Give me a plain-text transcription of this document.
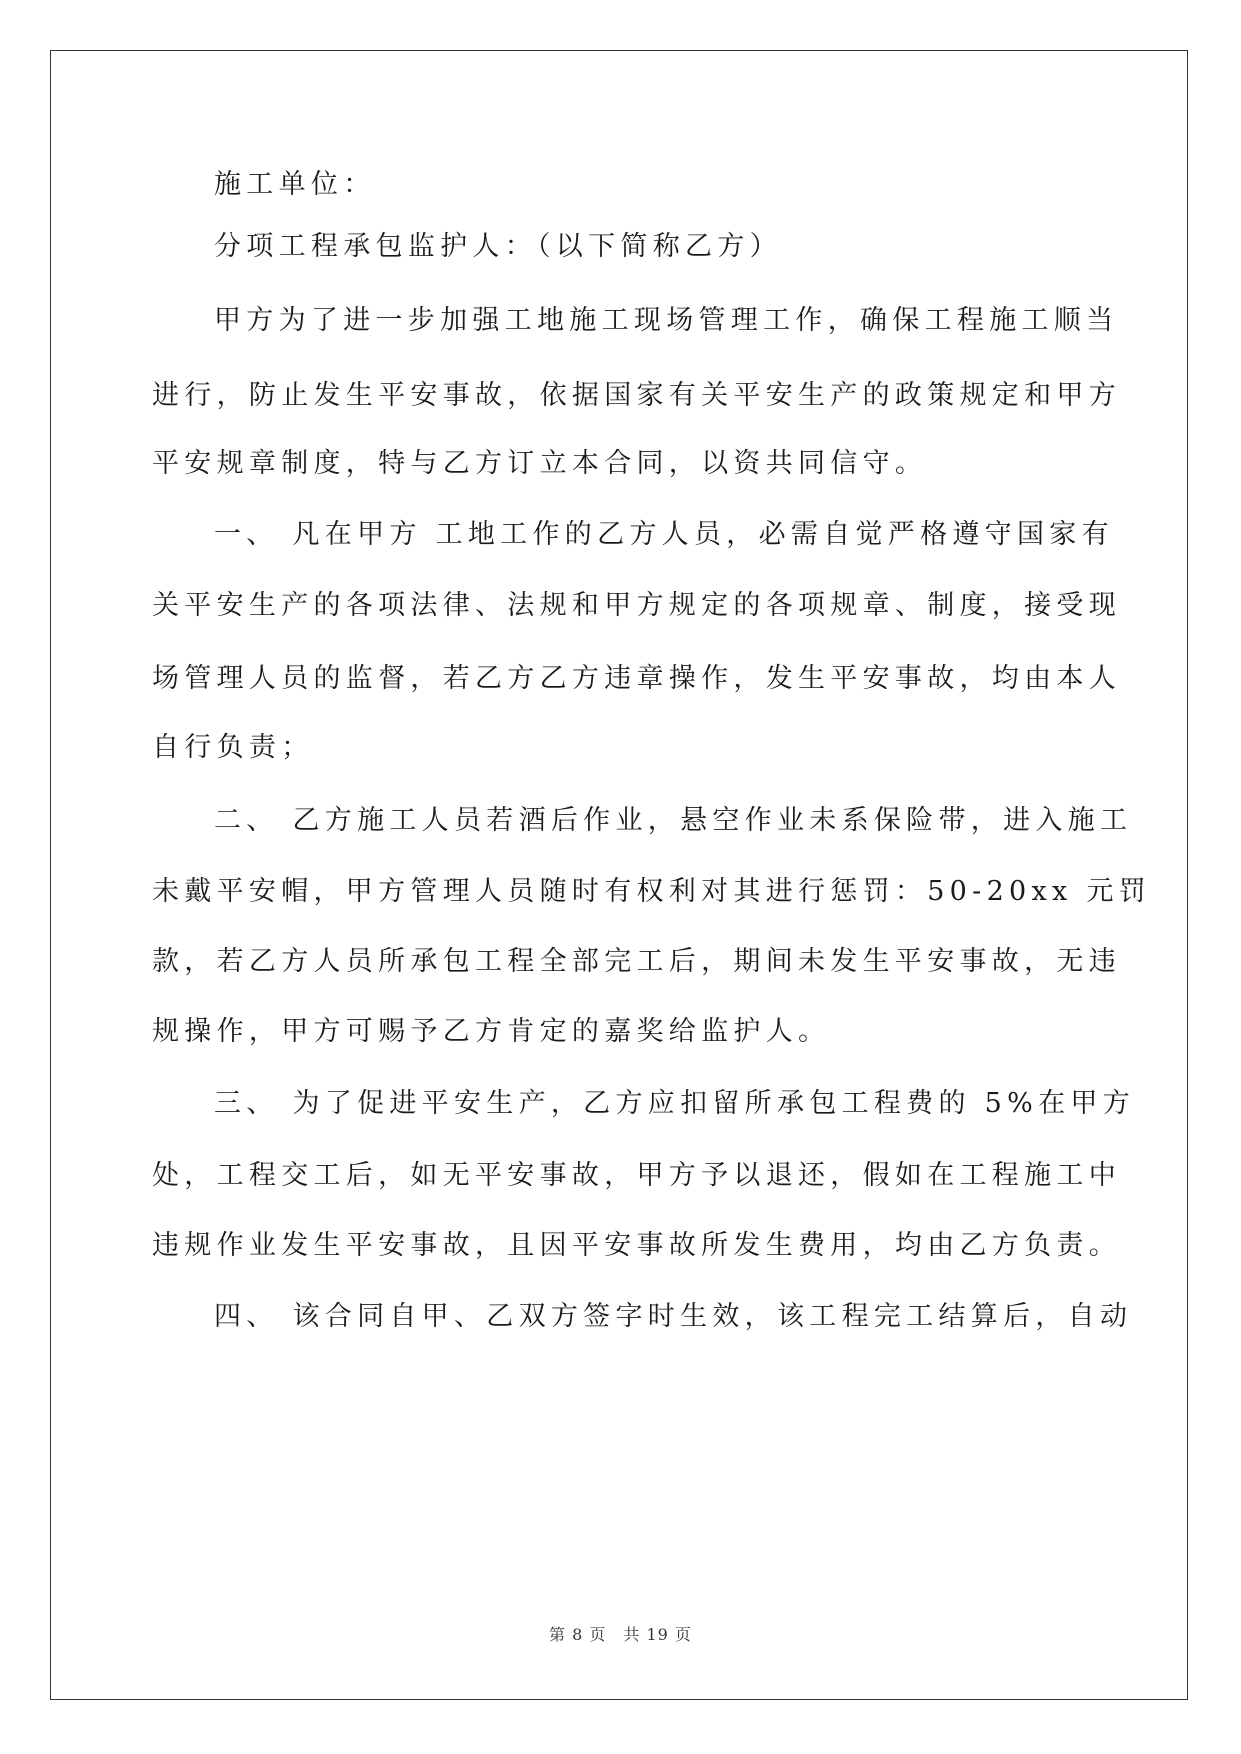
施工单位：
分项工程承包监护人：（以下简称乙方）
甲方为了进一步加强工地施工现场管理工作，确保工程施工顺当
进行，防止发生平安事故，依据国家有关平安生产的政策规定和甲方
平安规章制度，特与乙方订立本合同，以资共同信守。
一、 凡在甲方 工地工作的乙方人员，必需自觉严格遵守国家有
关平安生产的各项法律、法规和甲方规定的各项规章、制度，接受现
场管理人员的监督，若乙方乙方违章操作，发生平安事故，均由本人
自行负责；
二、 乙方施工人员若酒后作业，悬空作业未系保险带，进入施工
未戴平安帽，甲方管理人员随时有权利对其进行惩罚：50-20xx 元罚
款，若乙方人员所承包工程全部完工后，期间未发生平安事故，无违
规操作，甲方可赐予乙方肯定的嘉奖给监护人。
三、 为了促进平安生产，乙方应扣留所承包工程费的 5%在甲方
处，工程交工后，如无平安事故，甲方予以退还，假如在工程施工中
违规作业发生平安事故，且因平安事故所发生费用，均由乙方负责。
四、 该合同自甲、乙双方签字时生效，该工程完工结算后，自动
第 8 页　共 19 页
